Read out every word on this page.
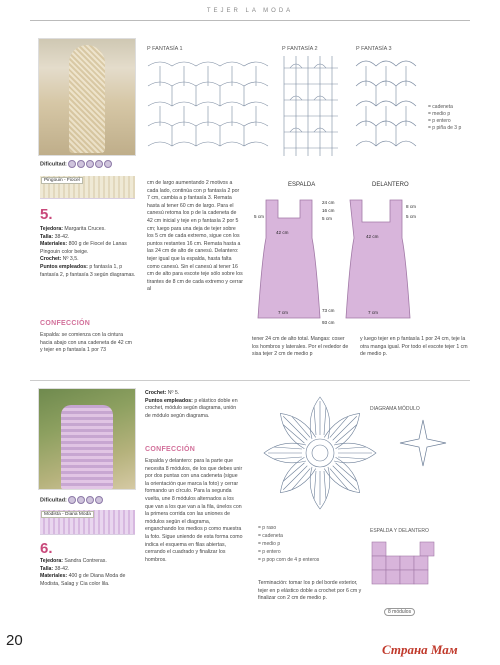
TEJER LA MODA
P FANTASÍA 1	P FANTASÍA 2	P FANTASÍA 3
= cadeneta
= medio p
= p entero
= p piña de 3 p
Dificultad:
Pingouin - Fiocel
5.
Tejedora: Margarita Cruces.
Talla: 38-42.
Materiales: 800 g de Fiocel de Lanas Pingouin color beige.
Crochet: Nº 3,5.
Puntos empleados: p fantasía 1, p fantasía 2, p fantasía 3 según diagramas.
CONFECCIÓN
Espalda: se comienza con la cintura hacia abajo con una cadeneta de 42 cm y tejer en p fantasía 1 por 73
cm de largo aumentando 2 motivos a cada lado, continúa con p fantasía 2 por 7 cm, cambia a p fantasía 3. Remata hasta al tener 60 cm de largo. Para el canesú retoma los p de la cadeneta de 42 cm inicial y teje en p fantasía 2 por 5 cm; luego para una deja de tejer sobre los 5 cm de cada extremo, sigue con los puntos restantes 16 cm. Remata hasta a las 24 cm de alto de canesú. Delantero: tejer igual que la espalda, hasta falta como canesú. Sin el canesú al tener 16 cm de alto para escote teje sólo sobre los tirantes de 8 cm de cada extremo y cerrar al
ESPALDA	DELANTERO
5 cm
42 cm
24 cm
16 cm
5 cm
7 cm	73 cm
93 cm
8 cm
5 cm
42 cm
7 cm
tener 24 cm de alto total. Mangas: coser los hombros y laterales. Por el rededor de sisa tejer 2 cm de medio p
y luego tejer en p fantasía 1 por 24 cm, teje la otra manga igual. Por todo el escote tejer 1 cm de medio p.
Dificultad:
Modista - Diana Moda
6.
Tejedora: Sandra Contreras.
Talla: 38-42.
Materiales: 400 g de Diana Moda de Modista, Salag y Cia color lila.
Crochet: Nº 5.
Puntos empleados: p elástico doble en crochet, módulo según diagrama, unión de módulo según diagrama.
CONFECCIÓN
Espalda y delantero: para la parte que necesita 8 módulos, de los que debes unir por dos puntas con una cadeneta (sigue la orientación que marca la foto) y cerrar formando un círculo. Para la segunda vuelta, une 8 módulos alternados a los que van a los que van a la fila, únelos con la primera corrida con las uniones de módulos según el diagrama, enganchando los medios p como muestra la foto. Sigue uniendo de esta forma como indica el esquema en filas abiertas, cerrando el cuadrado y finalizar los hombros.
DIAGRAMA MÓDULO
= p raso
= cadeneta
= medio p
= p entero
= p pop corn de 4 p enteros
ESPALDA Y DELANTERO
8 módulos
Terminación: tomar los p del borde exterior, tejer en p elástico doble a crochet por 6 cm y finalizar con 2 cm de medio p.
20
Страна Мам
